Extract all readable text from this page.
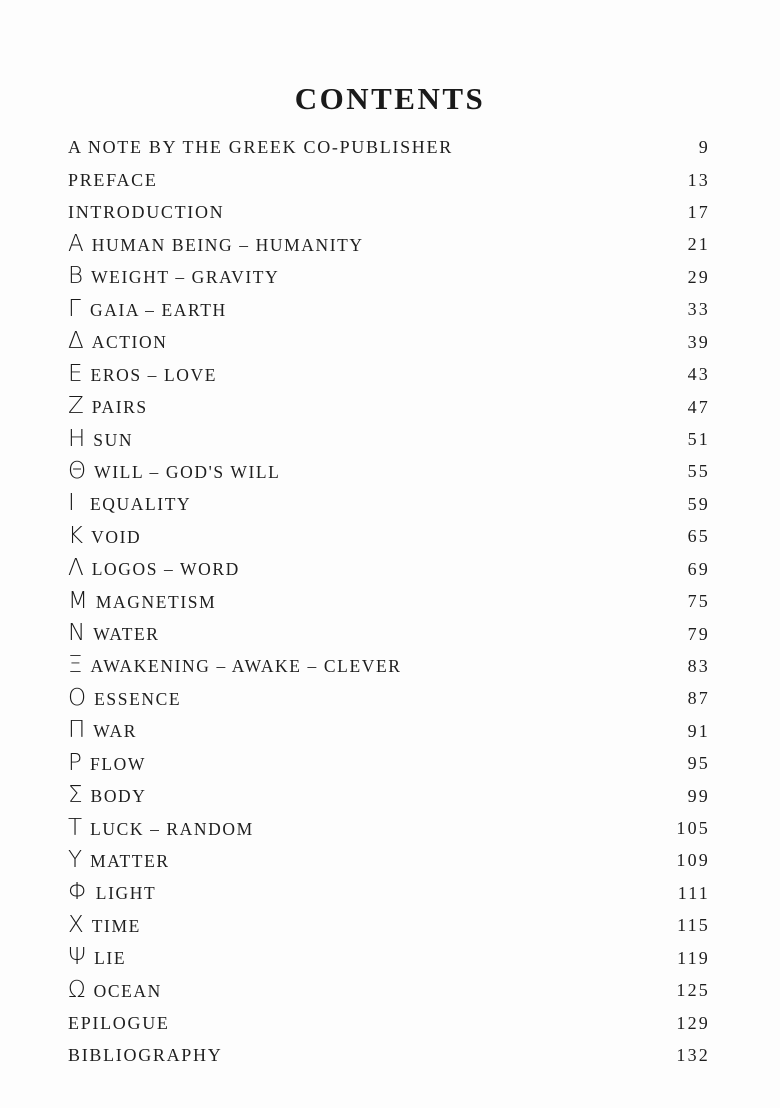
CONTENTS
A NOTE BY THE GREEK CO-PUBLISHER	9
PREFACE	13
INTRODUCTION	17
Α HUMAN BEING – HUMANITY	21
Β WEIGHT – GRAVITY	29
Γ GAIA – EARTH	33
Δ ACTION	39
Ε EROS – LOVE	43
Ζ PAIRS	47
Η SUN	51
Θ WILL – GOD'S WILL	55
Ι EQUALITY	59
Κ VOID	65
Λ LOGOS – WORD	69
Μ MAGNETISM	75
Ν WATER	79
Ξ AWAKENING – AWAKE – CLEVER	83
Ο ESSENCE	87
Π WAR	91
Ρ FLOW	95
Σ BODY	99
Τ LUCK – RANDOM	105
Υ MATTER	109
Φ LIGHT	111
Χ TIME	115
Ψ LIE	119
Ω OCEAN	125
EPILOGUE	129
BIBLIOGRAPHY	132
